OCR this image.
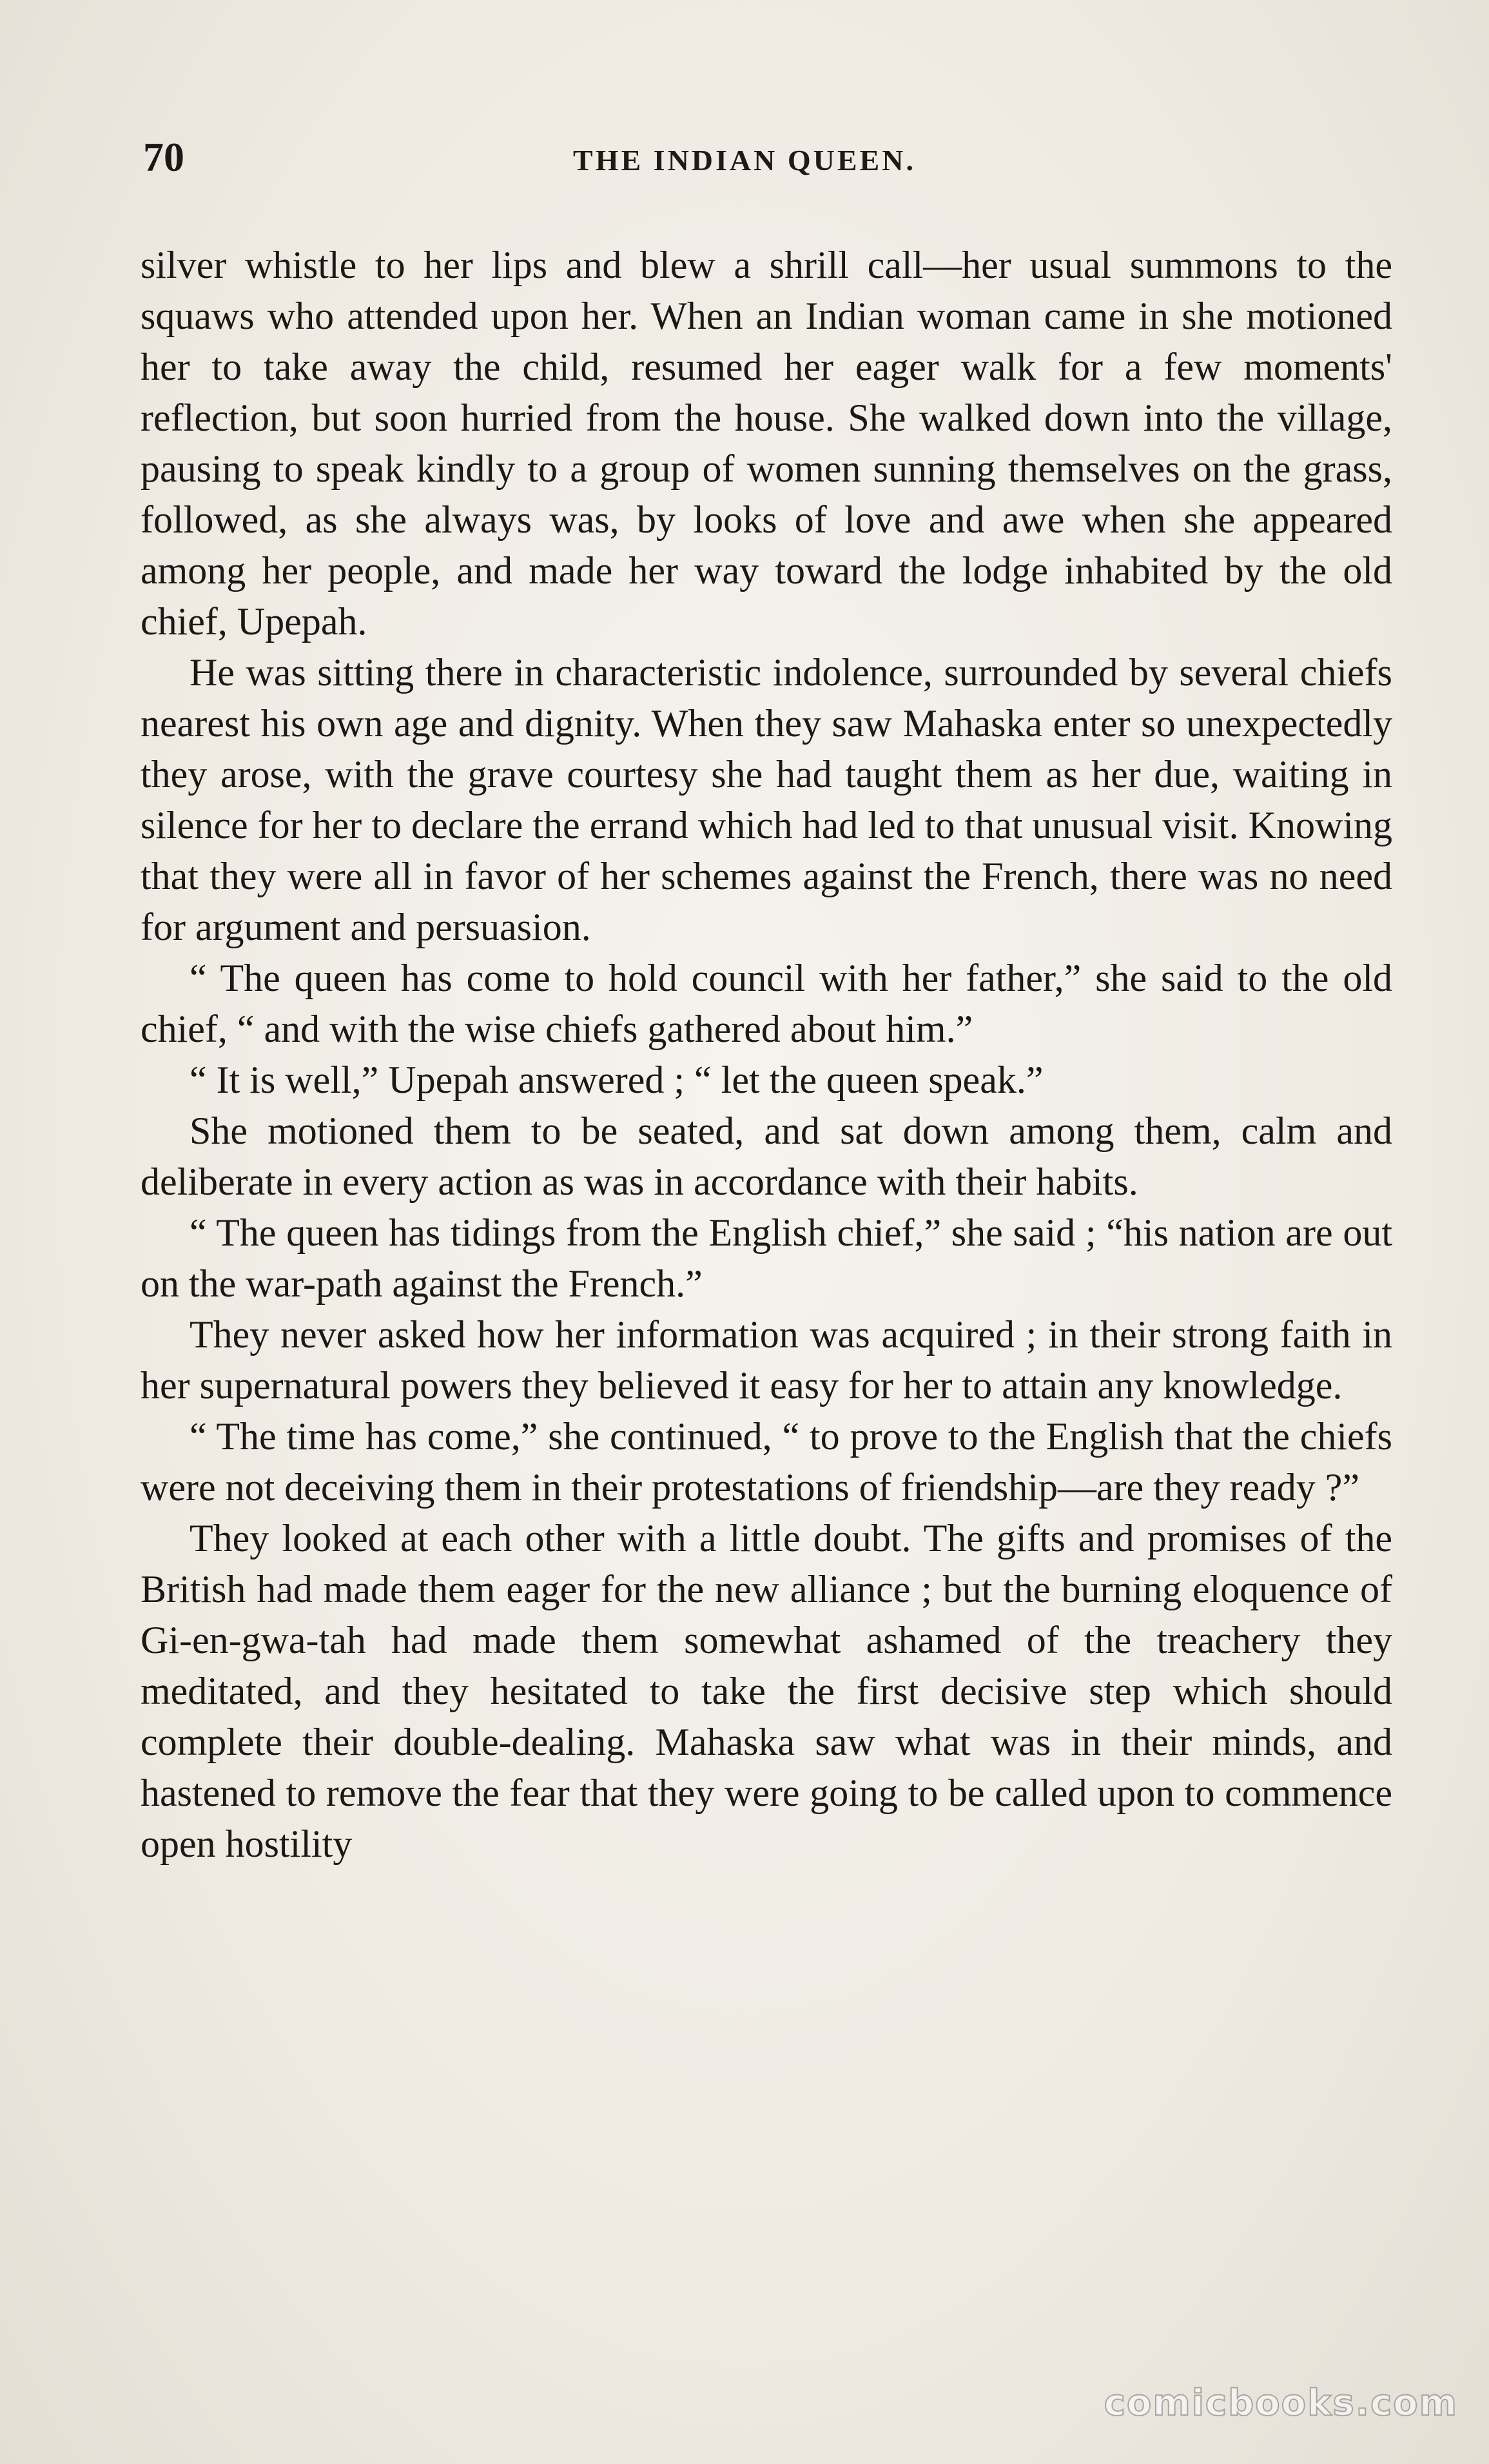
70	THE INDIAN QUEEN.

silver whistle to her lips and blew a shrill call—her usual summons to the squaws who attended upon her. When an Indian woman came in she motioned her to take away the child, resumed her eager walk for a few moments' reflection, but soon hurried from the house. She walked down into the village, pausing to speak kindly to a group of women sunning themselves on the grass, followed, as she always was, by looks of love and awe when she appeared among her people, and made her way toward the lodge inhabited by the old chief, Upepah.

He was sitting there in characteristic indolence, surrounded by several chiefs nearest his own age and dignity. When they saw Mahaska enter so unexpectedly they arose, with the grave courtesy she had taught them as her due, waiting in silence for her to declare the errand which had led to that unusual visit. Knowing that they were all in favor of her schemes against the French, there was no need for argument and persuasion.

“ The queen has come to hold council with her father,” she said to the old chief, “ and with the wise chiefs gathered about him.”

“ It is well,” Upepah answered ; “ let the queen speak.”

She motioned them to be seated, and sat down among them, calm and deliberate in every action as was in accordance with their habits.

“ The queen has tidings from the English chief,” she said ; “his nation are out on the war-path against the French.”

They never asked how her information was acquired ; in their strong faith in her supernatural powers they believed it easy for her to attain any knowledge.

“ The time has come,” she continued, “ to prove to the English that the chiefs were not deceiving them in their protestations of friendship—are they ready ?”

They looked at each other with a little doubt. The gifts and promises of the British had made them eager for the new alliance ; but the burning eloquence of Gi-en-gwa-tah had made them somewhat ashamed of the treachery they meditated, and they hesitated to take the first decisive step which should complete their double-dealing. Mahaska saw what was in their minds, and hastened to remove the fear that they were going to be called upon to commence open hostility

comicbooks.com
